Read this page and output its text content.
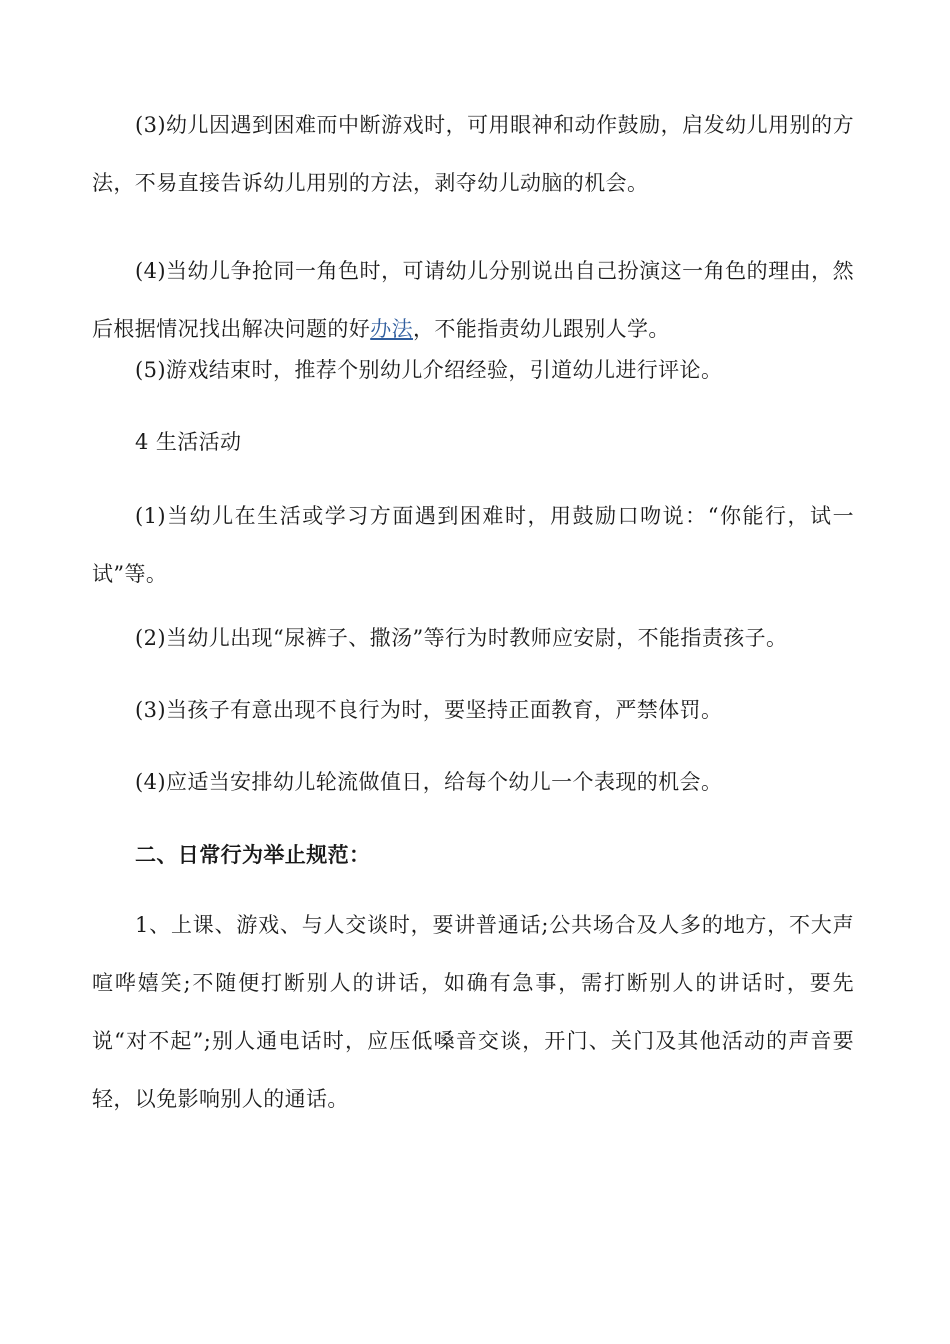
(3)幼儿因遇到困难而中断游戏时，可用眼神和动作鼓励，启发幼儿用别的方法，不易直接告诉幼儿用别的方法，剥夺幼儿动脑的机会。

(4)当幼儿争抢同一角色时，可请幼儿分别说出自己扮演这一角色的理由，然后根据情况找出解决问题的好办法，不能指责幼儿跟别人学。

(5)游戏结束时，推荐个别幼儿介绍经验，引道幼儿进行评论。

4 生活活动

(1)当幼儿在生活或学习方面遇到困难时，用鼓励口吻说：“你能行，试一试”等。

(2)当幼儿出现“尿裤子、撒汤”等行为时教师应安尉，不能指责孩子。

(3)当孩子有意出现不良行为时，要坚持正面教育，严禁体罚。

(4)应适当安排幼儿轮流做值日，给每个幼儿一个表现的机会。

二、日常行为举止规范：

1、上课、游戏、与人交谈时，要讲普通话;公共场合及人多的地方，不大声喧哗嬉笑;不随便打断别人的讲话，如确有急事，需打断别人的讲话时，要先说“对不起”;别人通电话时，应压低嗓音交谈，开门、关门及其他活动的声音要轻，以免影响别人的通话。
